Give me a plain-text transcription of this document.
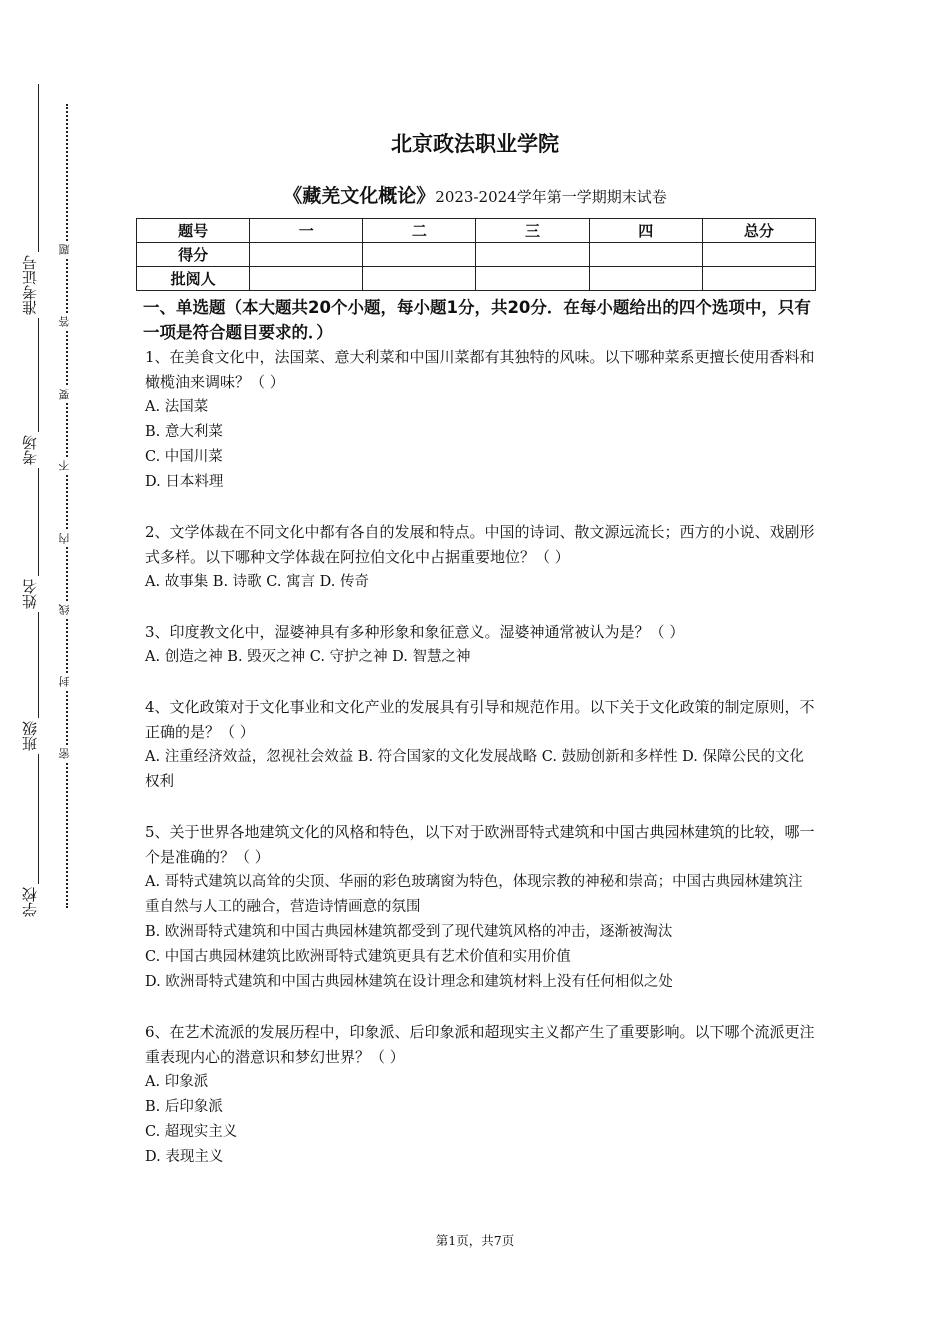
准考证号
考场
姓名
班级
学校
题
答
要
不
内
线
封
密
北京政法职业学院
《藏羌文化概论》2023-2024学年第一学期期末试卷
题号	一	二	三	四	总分
得分					
批阅人					
一、单选题（本大题共20个小题，每小题1分，共20分．在每小题给出的四个选项中，只有一项是符合题目要求的．）

1、在美食文化中，法国菜、意大利菜和中国川菜都有其独特的风味。以下哪种菜系更擅长使用香料和橄榄油来调味？（ ）

A. 法国菜

B. 意大利菜

C. 中国川菜

D. 日本料理

2、文学体裁在不同文化中都有各自的发展和特点。中国的诗词、散文源远流长；西方的小说、戏剧形式多样。以下哪种文学体裁在阿拉伯文化中占据重要地位？（ ）

A. 故事集 B. 诗歌 C. 寓言 D. 传奇

3、印度教文化中，湿婆神具有多种形象和象征意义。湿婆神通常被认为是？（ ）

A. 创造之神 B. 毁灭之神 C. 守护之神 D. 智慧之神

4、文化政策对于文化事业和文化产业的发展具有引导和规范作用。以下关于文化政策的制定原则，不正确的是？（ ）

A. 注重经济效益，忽视社会效益 B. 符合国家的文化发展战略 C. 鼓励创新和多样性 D. 保障公民的文化权利

5、关于世界各地建筑文化的风格和特色，以下对于欧洲哥特式建筑和中国古典园林建筑的比较，哪一个是准确的？（ ）

A. 哥特式建筑以高耸的尖顶、华丽的彩色玻璃窗为特色，体现宗教的神秘和崇高；中国古典园林建筑注重自然与人工的融合，营造诗情画意的氛围

B. 欧洲哥特式建筑和中国古典园林建筑都受到了现代建筑风格的冲击，逐渐被淘汰

C. 中国古典园林建筑比欧洲哥特式建筑更具有艺术价值和实用价值

D. 欧洲哥特式建筑和中国古典园林建筑在设计理念和建筑材料上没有任何相似之处

6、在艺术流派的发展历程中，印象派、后印象派和超现实主义都产生了重要影响。以下哪个流派更注重表现内心的潜意识和梦幻世界？（ ）

A. 印象派

B. 后印象派

C. 超现实主义

D. 表现主义

第1页，共7页
